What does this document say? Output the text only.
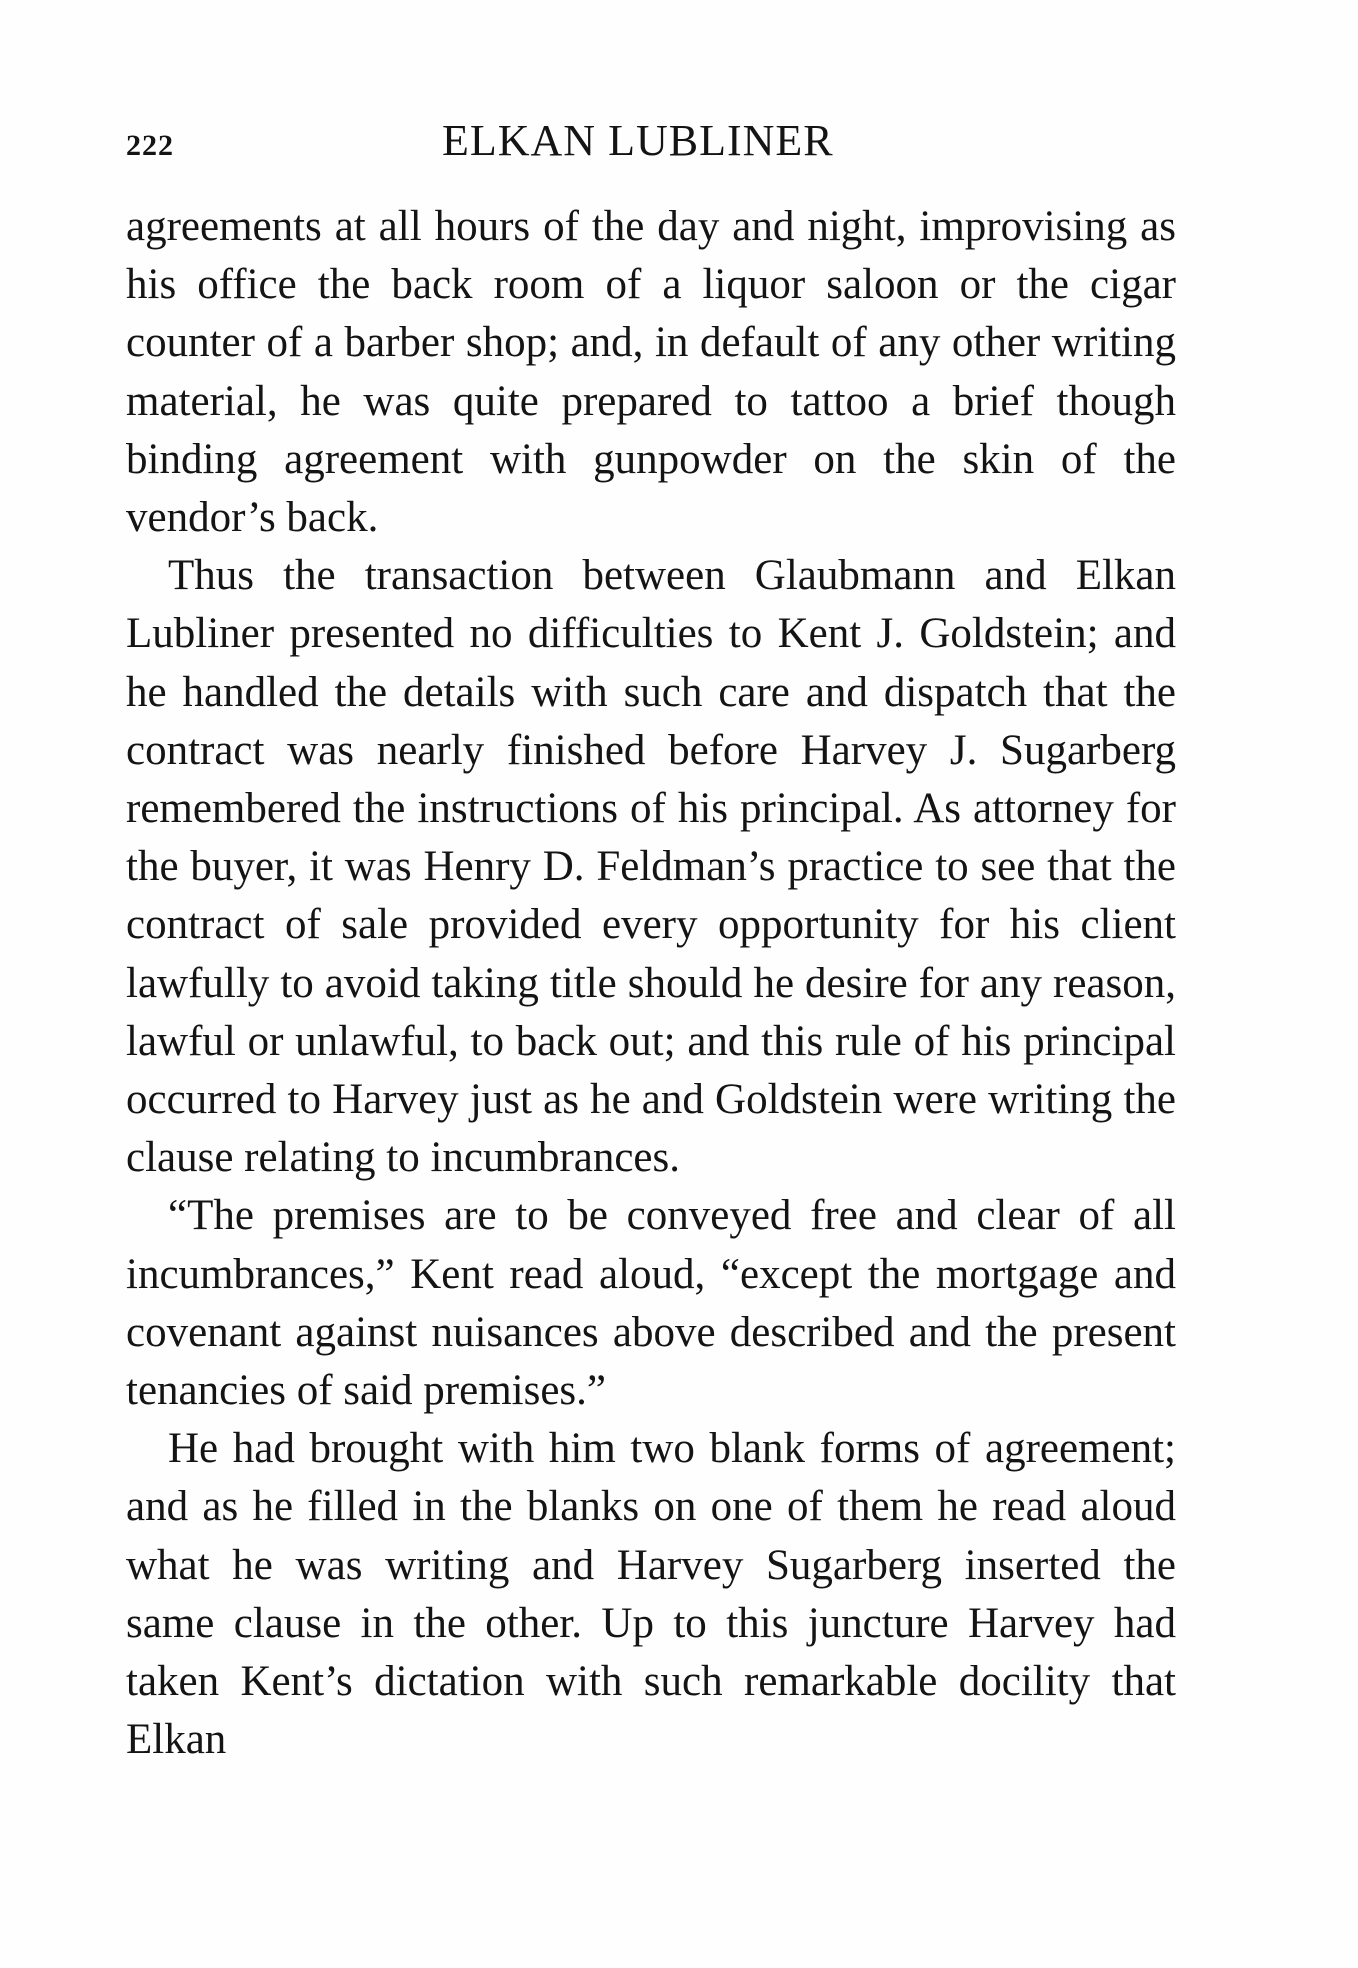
222	ELKAN LUBLINER

agreements at all hours of the day and night, improvising as his office the back room of a liquor saloon or the cigar counter of a barber shop; and, in default of any other writing material, he was quite prepared to tattoo a brief though binding agreement with gunpowder on the skin of the vendor’s back.

Thus the transaction between Glaubmann and Elkan Lubliner presented no difficulties to Kent J. Goldstein; and he handled the details with such care and dispatch that the contract was nearly finished before Harvey J. Sugarberg remembered the instructions of his principal. As attorney for the buyer, it was Henry D. Feldman’s practice to see that the contract of sale provided every opportunity for his client lawfully to avoid taking title should he desire for any reason, lawful or unlawful, to back out; and this rule of his principal occurred to Harvey just as he and Goldstein were writing the clause relating to incumbrances.

“The premises are to be conveyed free and clear of all incumbrances,” Kent read aloud, “except the mortgage and covenant against nuisances above described and the present tenancies of said premises.”

He had brought with him two blank forms of agreement; and as he filled in the blanks on one of them he read aloud what he was writing and Harvey Sugarberg inserted the same clause in the other. Up to this juncture Harvey had taken Kent’s dictation with such remarkable docility that Elkan
